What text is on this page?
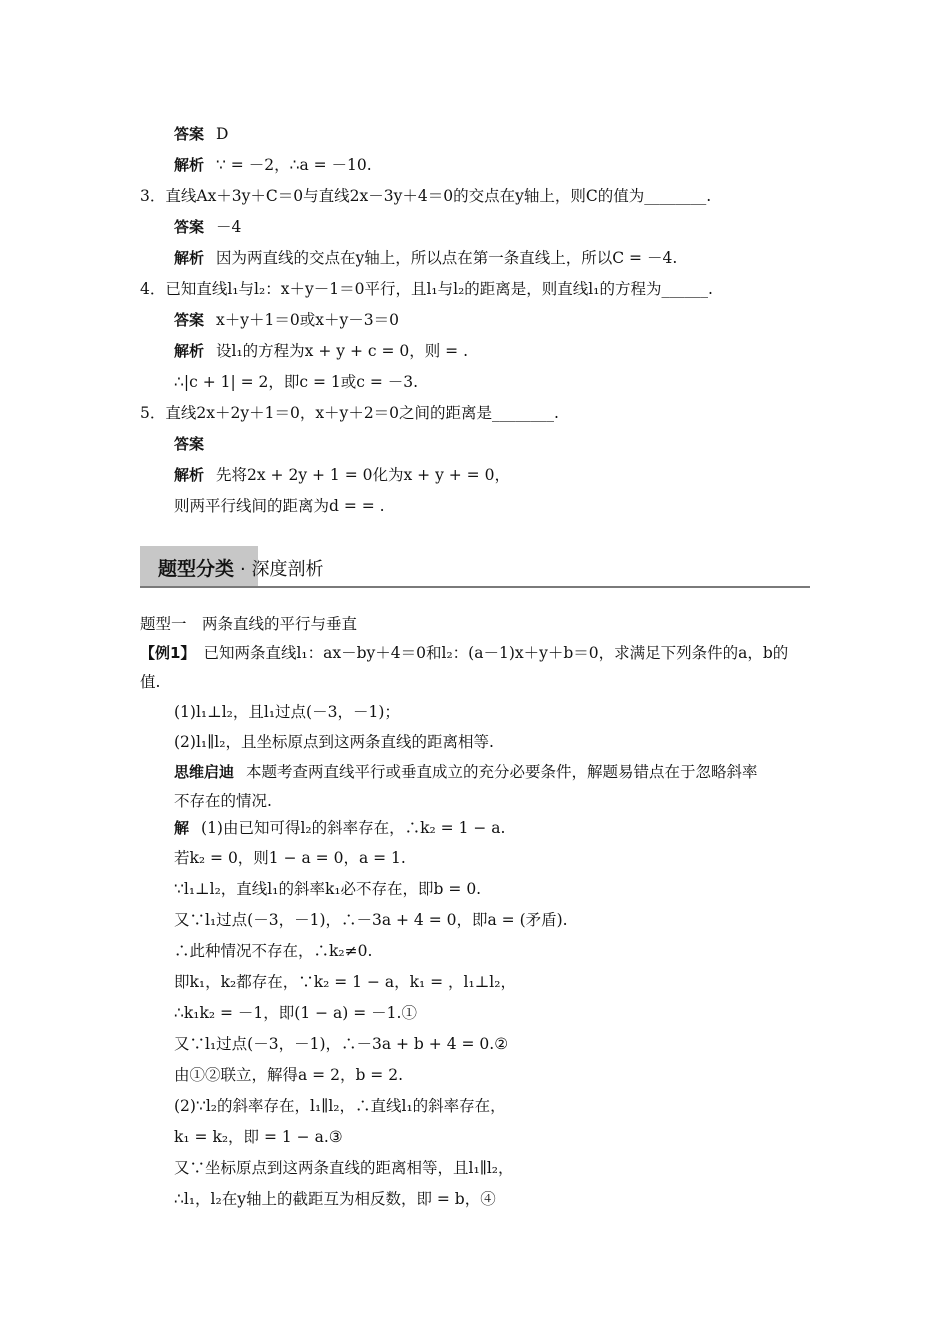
答案 D
解析 ∵ = －2，∴a = －10.
3．直线Ax＋3y＋C＝0与直线2x－3y＋4＝0的交点在y轴上，则C的值为________.
答案 －4
解析 因为两直线的交点在y轴上，所以点在第一条直线上，所以C = －4.
4．已知直线l₁与l₂：x＋y－1＝0平行，且l₁与l₂的距离是，则直线l₁的方程为______.
答案 x＋y＋1＝0或x＋y－3＝0
解析 设l₁的方程为x + y + c = 0，则 = .
∴|c + 1| = 2，即c = 1或c = －3.
5．直线2x＋2y＋1＝0，x＋y＋2＝0之间的距离是________.
答案
解析 先将2x + 2y + 1 = 0化为x + y + = 0，
则两平行线间的距离为d = = .
题型分类 · 深度剖析
题型一　两条直线的平行与垂直
【例1】 已知两条直线l₁：ax－by＋4＝0和l₂：(a－1)x＋y＋b＝0，求满足下列条件的a，b的
值.
(1)l₁⊥l₂，且l₁过点(－3，－1)；
(2)l₁∥l₂，且坐标原点到这两条直线的距离相等.
思维启迪 本题考查两直线平行或垂直成立的充分必要条件，解题易错点在于忽略斜率
不存在的情况.
解 (1)由已知可得l₂的斜率存在，∴k₂ = 1 − a.
若k₂ = 0，则1 − a = 0，a = 1.
∵l₁⊥l₂，直线l₁的斜率k₁必不存在，即b = 0.
又∵l₁过点(－3，－1)，∴－3a + 4 = 0，即a = (矛盾).
∴此种情况不存在，∴k₂≠0.
即k₁，k₂都存在，∵k₂ = 1 − a，k₁ = ，l₁⊥l₂，
∴k₁k₂ = －1，即(1 − a) = －1.①
又∵l₁过点(－3，－1)，∴－3a + b + 4 = 0.②
由①②联立，解得a = 2，b = 2.
(2)∵l₂的斜率存在，l₁∥l₂，∴直线l₁的斜率存在，
k₁ = k₂，即 = 1 − a.③
又∵坐标原点到这两条直线的距离相等，且l₁∥l₂，
∴l₁，l₂在y轴上的截距互为相反数，即 = b，④
